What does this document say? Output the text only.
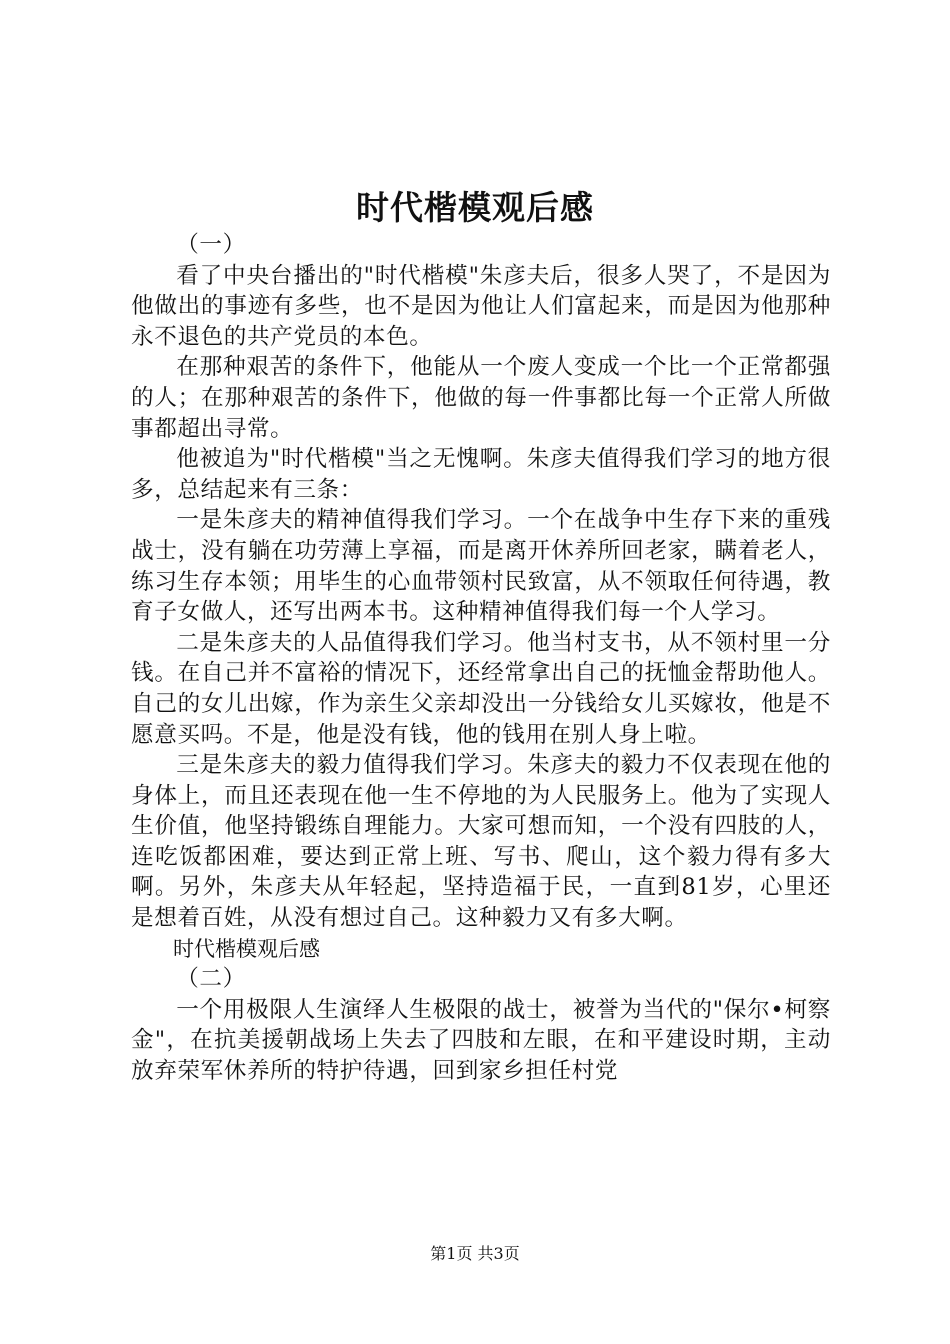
时代楷模观后感

（一）

看了中央台播出的"时代楷模"朱彦夫后，很多人哭了，不是因为他做出的事迹有多些，也不是因为他让人们富起来，而是因为他那种永不退色的共产党员的本色。

在那种艰苦的条件下，他能从一个废人变成一个比一个正常都强的人；在那种艰苦的条件下，他做的每一件事都比每一个正常人所做事都超出寻常。

他被追为"时代楷模"当之无愧啊。朱彦夫值得我们学习的地方很多，总结起来有三条：

一是朱彦夫的精神值得我们学习。一个在战争中生存下来的重残战士，没有躺在功劳薄上享福，而是离开休养所回老家，瞒着老人，练习生存本领；用毕生的心血带领村民致富，从不领取任何待遇，教育子女做人，还写出两本书。这种精神值得我们每一个人学习。

二是朱彦夫的人品值得我们学习。他当村支书，从不领村里一分钱。在自己并不富裕的情况下，还经常拿出自己的抚恤金帮助他人。自己的女儿出嫁，作为亲生父亲却没出一分钱给女儿买嫁妆，他是不愿意买吗。不是，他是没有钱，他的钱用在别人身上啦。

三是朱彦夫的毅力值得我们学习。朱彦夫的毅力不仅表现在他的身体上，而且还表现在他一生不停地的为人民服务上。他为了实现人生价值，他坚持锻练自理能力。大家可想而知，一个没有四肢的人，连吃饭都困难，要达到正常上班、写书、爬山，这个毅力得有多大啊。另外，朱彦夫从年轻起，坚持造福于民，一直到81岁，心里还是想着百姓，从没有想过自己。这种毅力又有多大啊。

时代楷模观后感

（二）

一个用极限人生演绎人生极限的战士，被誉为当代的"保尔•柯察金"，在抗美援朝战场上失去了四肢和左眼，在和平建设时期，主动放弃荣军休养所的特护待遇，回到家乡担任村党

第1页 共3页
